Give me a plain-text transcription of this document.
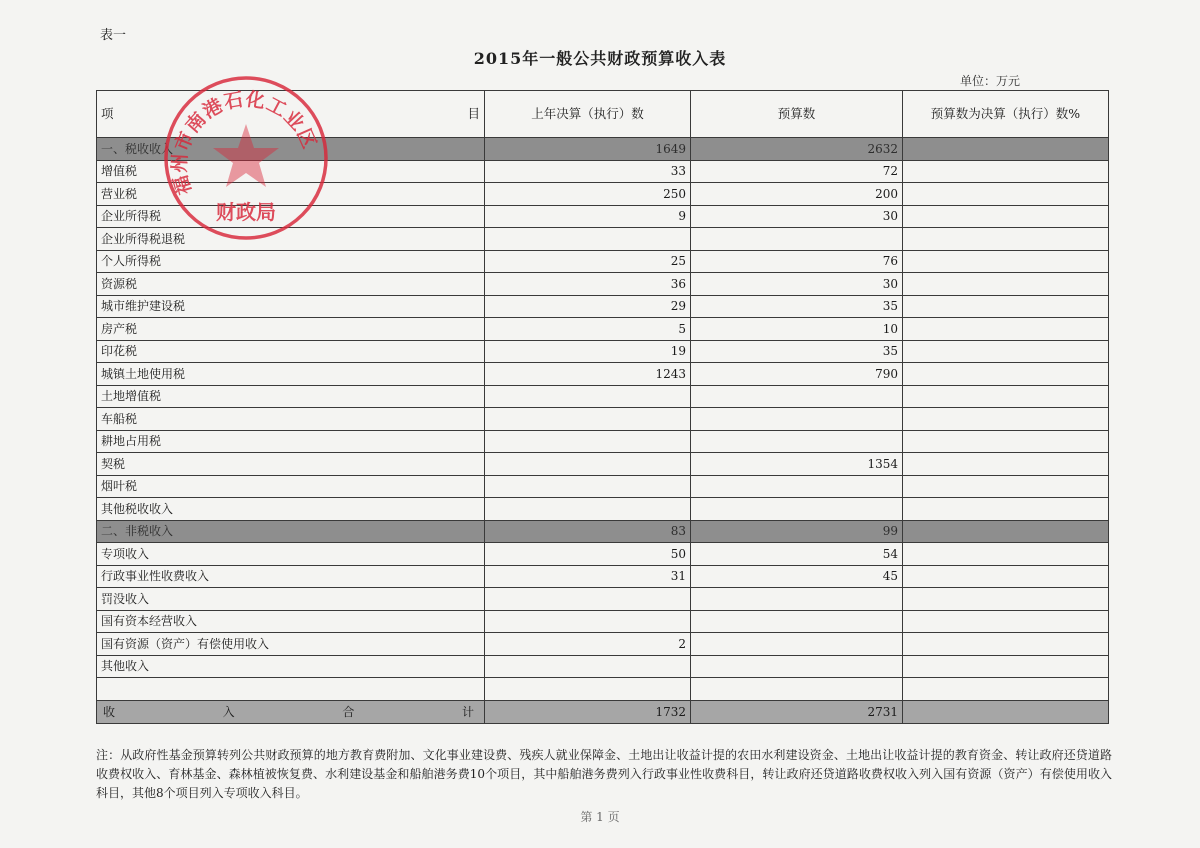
表一
2015年一般公共财政预算收入表
单位：万元
项 目	上年决算（执行）数	预算数	预算数为决算（执行）数%
一、税收收入	1649	2632	
增值税	33	72	
营业税	250	200	
企业所得税	9	30	
企业所得税退税			
个人所得税	25	76	
资源税	36	30	
城市维护建设税	29	35	
房产税	5	10	
印花税	19	35	
城镇土地使用税	1243	790	
土地增值税			
车船税			
耕地占用税			
契税		1354	
烟叶税			
其他税收收入			
二、非税收入	83	99	
专项收入	50	54	
行政事业性收费收入	31	45	
罚没收入			
国有资本经营收入			
国有资源（资产）有偿使用收入	2		
其他收入			

收 入 合 计	1732	2731	
注：从政府性基金预算转列公共财政预算的地方教育费附加、文化事业建设费、残疾人就业保障金、土地出让收益计提的农田水利建设资金、土地出让收益计提的教育资金、转让政府还贷道路收费权收入、育林基金、森林植被恢复费、水利建设基金和船舶港务费10个项目，其中船舶港务费列入行政事业性收费科目，转让政府还贷道路收费权收入列入国有资源（资产）有偿使用收入科目，其他8个项目列入专项收入科目。
第 1 页
福州市南港石化工业区
财政局
